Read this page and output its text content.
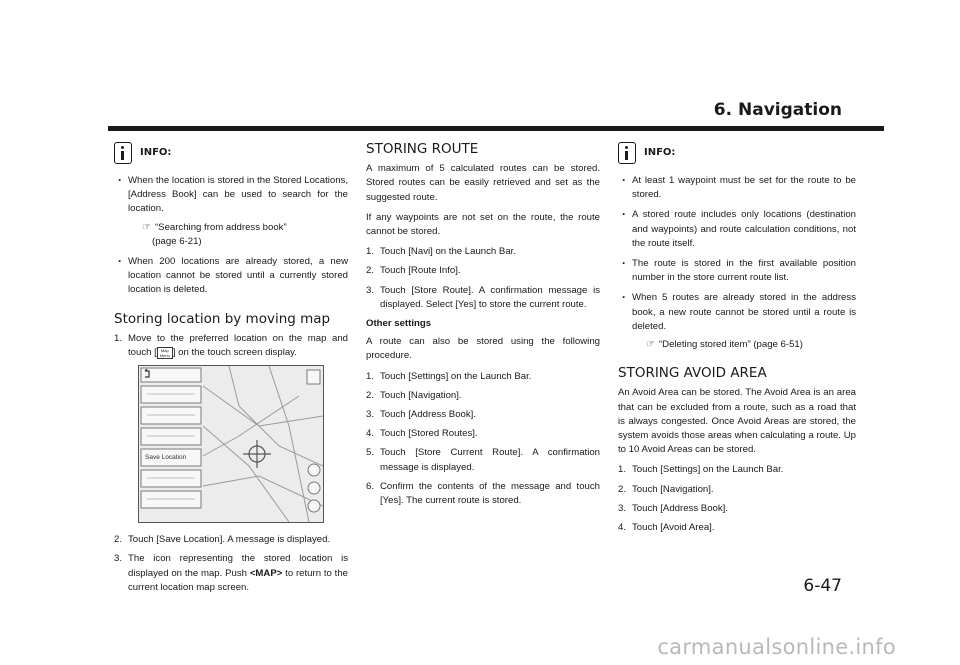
6. Navigation
INFO:
. When the location is stored in the Stored Locations, [Address Book] can be used to search for the location.
☞ “Searching from address book”
(page 6-21)
. When 200 locations are already stored, a new location cannot be stored until a currently stored location is deleted.
Storing location by moving map
1. Move to the preferred location on the map and touch [ Map
Menu ] on the touch screen display.
Save Location
2. Touch [Save Location]. A message is displayed.
3. The icon representing the stored location is displayed on the map. Push <MAP> to return to the current location map screen.
STORING ROUTE
A maximum of 5 calculated routes can be stored. Stored routes can be easily retrieved and set as the suggested route.
If any waypoints are not set on the route, the route cannot be stored.
1. Touch [Navi] on the Launch Bar.
2. Touch [Route Info].
3. Touch [Store Route]. A confirmation message is displayed. Select [Yes] to store the current route.
Other settings
A route can also be stored using the following procedure.
1. Touch [Settings] on the Launch Bar.
2. Touch [Navigation].
3. Touch [Address Book].
4. Touch [Stored Routes].
5. Touch [Store Current Route]. A confirmation message is displayed.
6. Confirm the contents of the message and touch [Yes]. The current route is stored.
INFO:
. At least 1 waypoint must be set for the route to be stored.
. A stored route includes only locations (destination and waypoints) and route calculation conditions, not the route itself.
. The route is stored in the first available position number in the store current route list.
. When 5 routes are already stored in the address book, a new route cannot be stored until a route is deleted.
☞ “Deleting stored item” (page 6-51)
STORING AVOID AREA
An Avoid Area can be stored. The Avoid Area is an area that can be excluded from a route, such as a road that is always congested. Once Avoid Areas are stored, the system avoids those areas when calculating a route. Up to 10 Avoid Areas can be stored.
1. Touch [Settings] on the Launch Bar.
2. Touch [Navigation].
3. Touch [Address Book].
4. Touch [Avoid Area].
6-47
carmanualsonline.info
